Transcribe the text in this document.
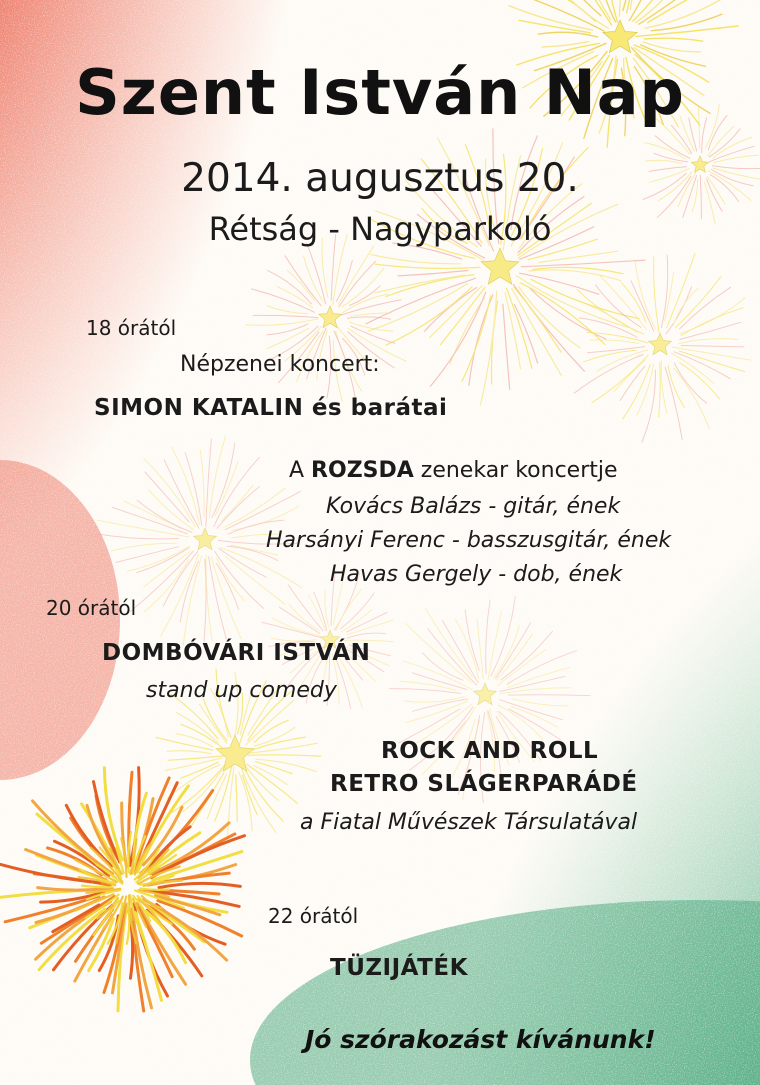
Szent István Nap
2014. augusztus 20.
Rétság - Nagyparkoló
18 órától
Népzenei koncert:
SIMON KATALIN és barátai
A ROZSDA zenekar koncertje
Kovács Balázs - gitár, ének
Harsányi Ferenc - basszusgitár, ének
Havas Gergely - dob, ének
20 órától
DOMBÓVÁRI ISTVÁN
stand up comedy
ROCK AND ROLL
RETRO SLÁGERPARÁDÉ
a Fiatal Művészek Társulatával
22 órától
TÜZIJÁTÉK
Jó szórakozást kívánunk!
